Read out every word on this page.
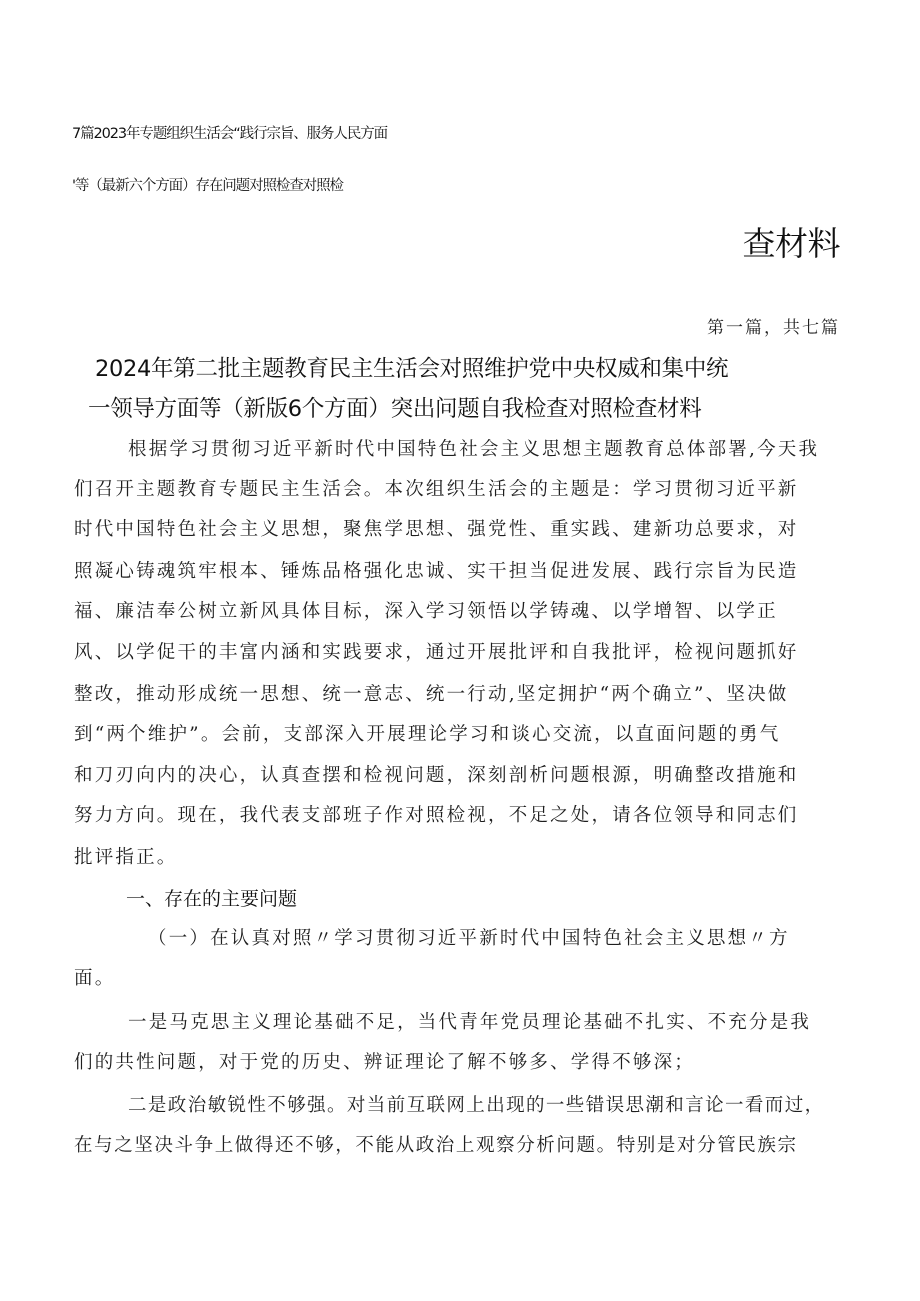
7篇2023年专题组织生活会“践行宗旨、服务人民方面
'等（最新六个方面）存在问题对照检查对照检
查材料
第一篇，共七篇
2024年第二批主题教育民主生活会对照维护党中央权威和集中统
一领导方面等（新版6个方面）突出问题自我检查对照检查材料
根据学习贯彻习近平新时代中国特色社会主义思想主题教育总体部署,今天我
们召开主题教育专题民主生活会。本次组织生活会的主题是：学习贯彻习近平新
时代中国特色社会主义思想，聚焦学思想、强党性、重实践、建新功总要求，对
照凝心铸魂筑牢根本、锤炼品格强化忠诚、实干担当促进发展、践行宗旨为民造
福、廉洁奉公树立新风具体目标，深入学习领悟以学铸魂、以学增智、以学正
风、以学促干的丰富内涵和实践要求，通过开展批评和自我批评，检视问题抓好
整改，推动形成统一思想、统一意志、统一行动,坚定拥护“两个确立”、坚决做
到“两个维护”。会前，支部深入开展理论学习和谈心交流，以直面问题的勇气
和刀刃向内的决心，认真查摆和检视问题，深刻剖析问题根源，明确整改措施和
努力方向。现在，我代表支部班子作对照检视，不足之处，请各位领导和同志们
批评指正。
一、存在的主要问题
（一）在认真对照〃学习贯彻习近平新时代中国特色社会主义思想〃方
面。
一是马克思主义理论基础不足，当代青年党员理论基础不扎实、不充分是我
们的共性问题，对于党的历史、辨证理论了解不够多、学得不够深；
二是政治敏锐性不够强。对当前互联网上出现的一些错误思潮和言论一看而过，
在与之坚决斗争上做得还不够，不能从政治上观察分析问题。特别是对分管民族宗
